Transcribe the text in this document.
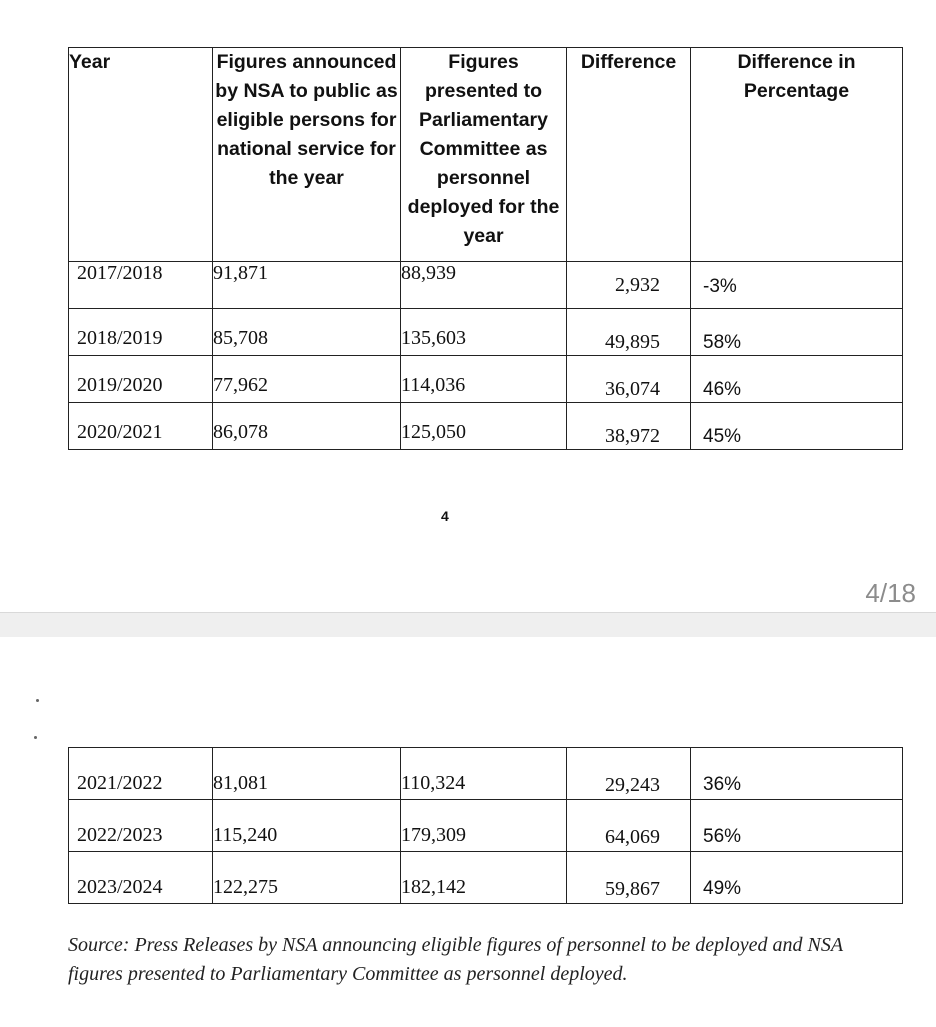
Year	Figures announced by NSA to public as eligible persons for national service for the year	Figures presented to Parliamentary Committee as personnel deployed for the year	Difference	Difference in Percentage
2017/2018	91,871	88,939	2,932	-3%
2018/2019	85,708	135,603	49,895	58%
2019/2020	77,962	114,036	36,074	46%
2020/2021	86,078	125,050	38,972	45%
4
4/18
2021/2022	81,081	110,324	29,243	36%
2022/2023	115,240	179,309	64,069	56%
2023/2024	122,275	182,142	59,867	49%
Source: Press Releases by NSA announcing eligible figures of personnel to be deployed and NSA figures presented to Parliamentary Committee as personnel deployed.
